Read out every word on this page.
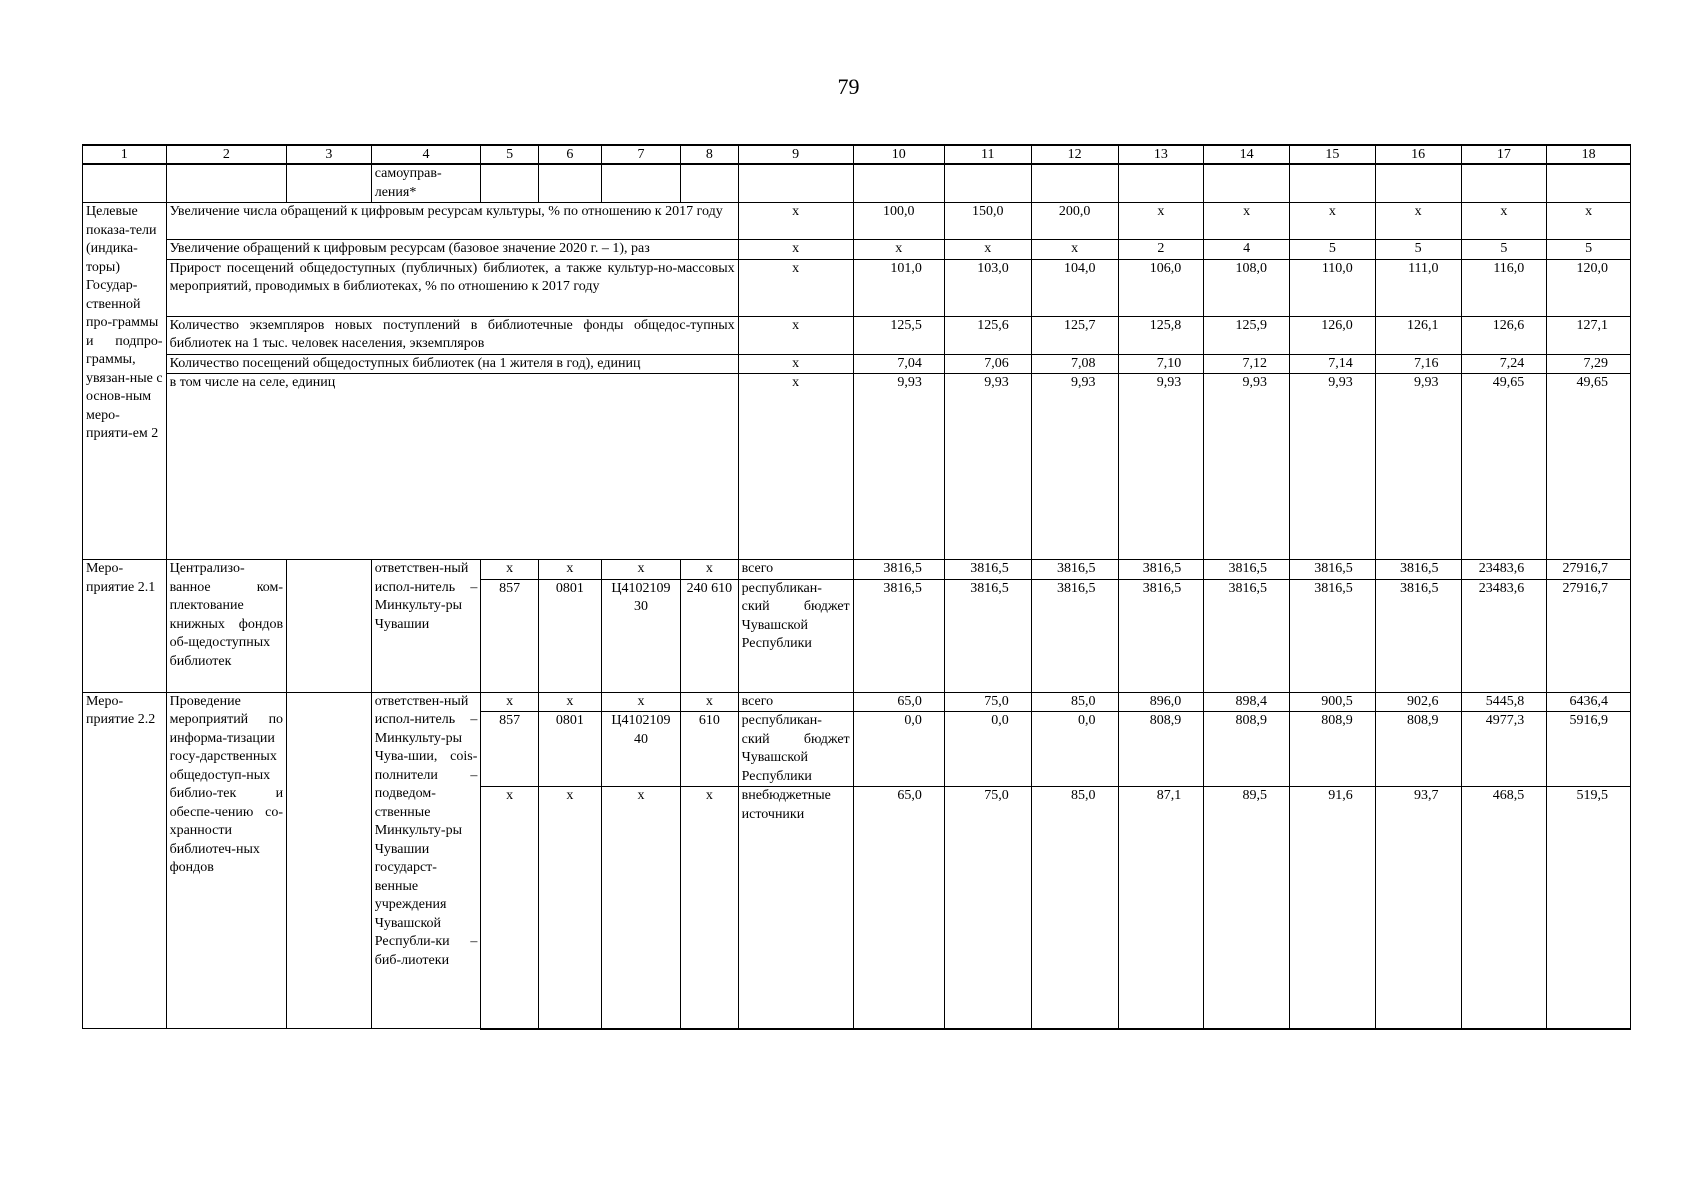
79
1	2	3	4	5	6	7	8	9	10	11	12	13	14	15	16	17	18
			самоуправ-ления*														
Целевые показа-тели (индика-торы) Государ-ственной про-граммы и подпро-граммы, увязан-ные с основ-ным меро-прияти-ем 2	Увеличение числа обращений к цифровым ресурсам культуры, % по отношению к 2017 году							х	100,0	150,0	200,0	х	х	х	х	х	х
	Увеличение обращений к цифровым ресурсам (базовое значение 2020 г. – 1), раз							х	х	х	х	2	4	5	5	5	5
	Прирост посещений общедоступных (публичных) библиотек, а также культур-но-массовых мероприятий, проводимых в библиотеках, % по отношению к 2017 году							х	101,0	103,0	104,0	106,0	108,0	110,0	111,0	116,0	120,0
	Количество экземпляров новых поступлений в библиотечные фонды общедос-тупных библиотек на 1 тыс. человек населения, экземпляров							х	125,5	125,6	125,7	125,8	125,9	126,0	126,1	126,6	127,1
	Количество посещений общедоступных библиотек (на 1 жителя в год), единиц							х	7,04	7,06	7,08	7,10	7,12	7,14	7,16	7,24	7,29
	в том числе на селе, единиц							х	9,93	9,93	9,93	9,93	9,93	9,93	9,93	49,65	49,65
Меро-приятие 2.1	Централизо-ванное ком-плектование книжных фондов об-щедоступных библиотек		ответствен-ный испол-нитель – Минкульту-ры Чувашии	х	х	х	х	всего	3816,5	3816,5	3816,5	3816,5	3816,5	3816,5	3816,5	23483,6	27916,7
				857	0801	Ц4102109 30	240 610	республикан-ский бюджет Чувашской Республики	3816,5	3816,5	3816,5	3816,5	3816,5	3816,5	3816,5	23483,6	27916,7
Меро-приятие 2.2	Проведение мероприятий по информа-тизации госу-дарственных общедоступ-ных библио-тек и обеспе-чению со-хранности библиотеч-ных фондов		ответствен-ный испол-нитель – Минкульту-ры Чува-шии, сois-полнители – подведом-ственные Минкульту-ры Чувашии государст-венные учреждения Чувашской Республи-ки – биб-лиотеки	х	х	х	х	всего	65,0	75,0	85,0	896,0	898,4	900,5	902,6	5445,8	6436,4
				857	0801	Ц4102109 40	610	республикан-ский бюджет Чувашской Республики	0,0	0,0	0,0	808,9	808,9	808,9	808,9	4977,3	5916,9
				х	х	х	х	внебюджетные источники	65,0	75,0	85,0	87,1	89,5	91,6	93,7	468,5	519,5
